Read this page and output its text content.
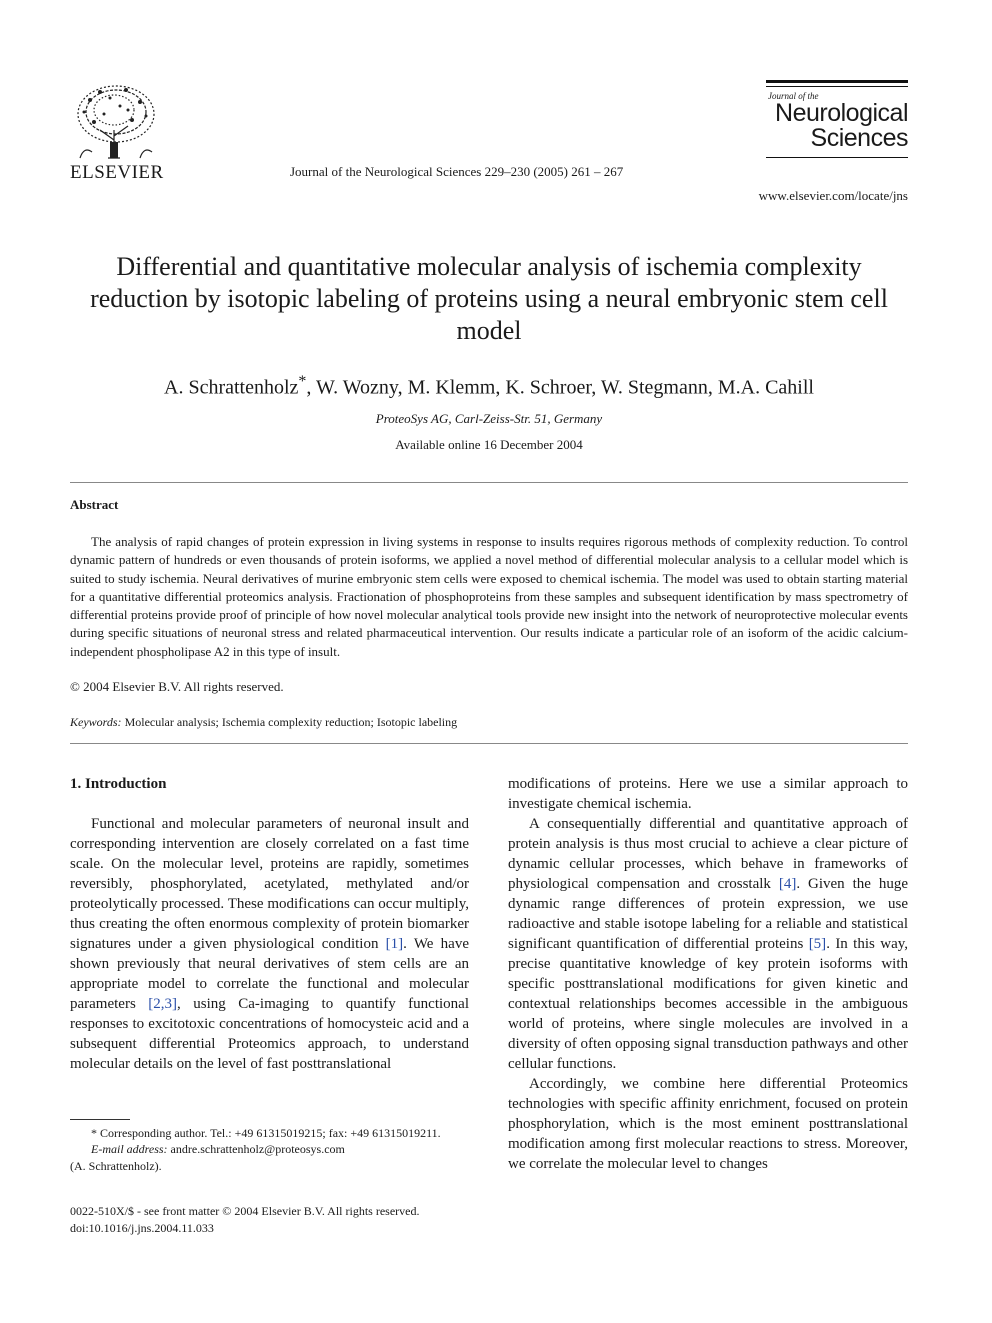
ELSEVIER	Journal of the Neurological Sciences 229–230 (2005) 261 – 267
Journal of the
Neurological
Sciences
www.elsevier.com/locate/jns
Differential and quantitative molecular analysis of ischemia complexity reduction by isotopic labeling of proteins using a neural embryonic stem cell model
A. Schrattenholz*, W. Wozny, M. Klemm, K. Schroer, W. Stegmann, M.A. Cahill
ProteoSys AG, Carl-Zeiss-Str. 51, Germany
Available online 16 December 2004
Abstract
The analysis of rapid changes of protein expression in living systems in response to insults requires rigorous methods of complexity reduction. To control dynamic pattern of hundreds or even thousands of protein isoforms, we applied a novel method of differential molecular analysis to a cellular model which is suited to study ischemia. Neural derivatives of murine embryonic stem cells were exposed to chemical ischemia. The model was used to obtain starting material for a quantitative differential proteomics analysis. Fractionation of phosphoproteins from these samples and subsequent identification by mass spectrometry of differential proteins provide proof of principle of how novel molecular analytical tools provide new insight into the network of neuroprotective molecular events during specific situations of neuronal stress and related pharmaceutical intervention. Our results indicate a particular role of an isoform of the acidic calcium-independent phospholipase A2 in this type of insult.
© 2004 Elsevier B.V. All rights reserved.
Keywords: Molecular analysis; Ischemia complexity reduction; Isotopic labeling
1. Introduction

Functional and molecular parameters of neuronal insult and corresponding intervention are closely correlated on a fast time scale. On the molecular level, proteins are rapidly, sometimes reversibly, phosphorylated, acetylated, methylated and/or proteolytically processed. These modifications can occur multiply, thus creating the often enormous complexity of protein biomarker signatures under a given physiological condition [1]. We have shown previously that neural derivatives of stem cells are an appropriate model to correlate the functional and molecular parameters [2,3], using Ca-imaging to quantify functional responses to excitotoxic concentrations of homocysteic acid and a subsequent differential Proteomics approach, to understand molecular details on the level of fast posttranslational

modifications of proteins. Here we use a similar approach to investigate chemical ischemia.

A consequentially differential and quantitative approach of protein analysis is thus most crucial to achieve a clear picture of dynamic cellular processes, which behave in frameworks of physiological compensation and crosstalk [4]. Given the huge dynamic range differences of protein expression, we use radioactive and stable isotope labeling for a reliable and statistical significant quantification of differential proteins [5]. In this way, precise quantitative knowledge of key protein isoforms with specific posttranslational modifications for given kinetic and contextual relationships becomes accessible in the ambiguous world of proteins, where single molecules are involved in a diversity of often opposing signal transduction pathways and other cellular functions.

Accordingly, we combine here differential Proteomics technologies with specific affinity enrichment, focused on protein phosphorylation, which is the most eminent posttranslational modification among first molecular reactions to stress. Moreover, we correlate the molecular level to changes

* Corresponding author. Tel.: +49 61315019215; fax: +49 61315019211.

E-mail address: andre.schrattenholz@proteosys.com

(A. Schrattenholz).

0022-510X/$ - see front matter © 2004 Elsevier B.V. All rights reserved.
doi:10.1016/j.jns.2004.11.033
